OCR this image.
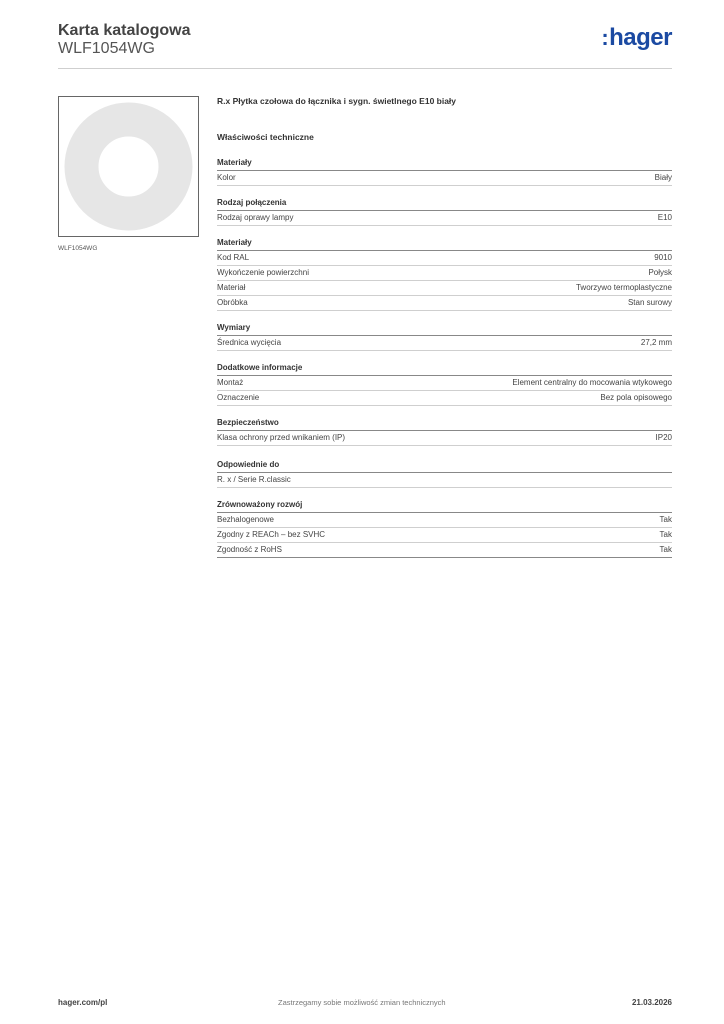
Karta katalogowa
WLF1054WG	:hager
WLF1054WG
R.x Płytka czołowa do łącznika i sygn. świetlnego E10 biały
Właściwości techniczne
Materiały
Kolor	Biały
Rodzaj połączenia
Rodzaj oprawy lampy	E10
Materiały
Kod RAL	9010
Wykończenie powierzchni	Połysk
Materiał	Tworzywo termoplastyczne
Obróbka	Stan surowy
Wymiary
Średnica wycięcia	27,2 mm
Dodatkowe informacje
Montaż	Element centralny do mocowania wtykowego
Oznaczenie	Bez pola opisowego
Bezpieczeństwo
Klasa ochrony przed wnikaniem (IP)	IP20
Odpowiednie do
R. x / Serie R.classic
Zrównoważony rozwój
Bezhalogenowe	Tak
Zgodny z REACh – bez SVHC	Tak
Zgodność z RoHS	Tak
hager.com/pl	Zastrzegamy sobie możliwość zmian technicznych	21.03.2026
